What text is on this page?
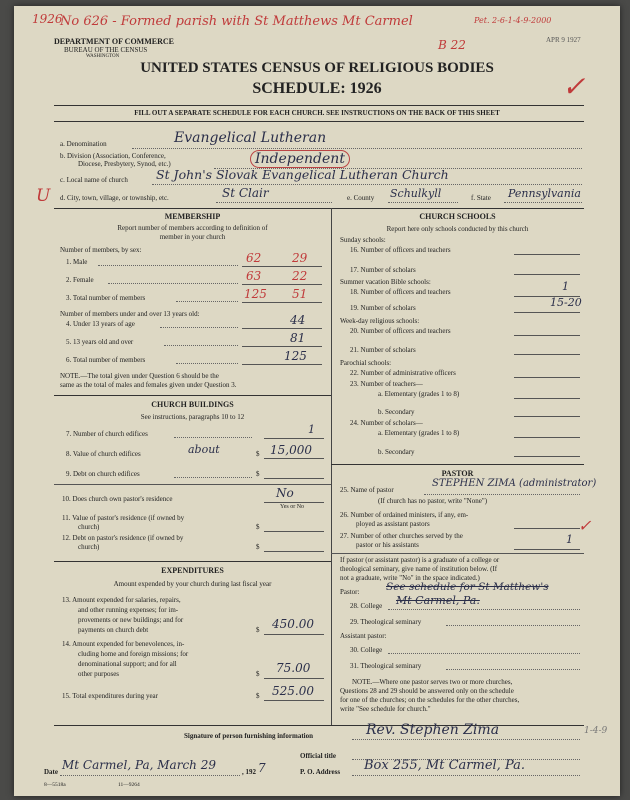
1926
No 626 - Formed parish with St Matthews Mt Carmel	Pet. 2-6-1-4-9-2000
B 22	APR 9 1927
DEPARTMENT OF COMMERCE
BUREAU OF THE CENSUS
WASHINGTON
UNITED STATES CENSUS OF RELIGIOUS BODIES
SCHEDULE: 1926	✓
FILL OUT A SEPARATE SCHEDULE FOR EACH CHURCH. SEE INSTRUCTIONS ON THE BACK OF THIS SHEET
a. Denomination	Evangelical Lutheran
b. Division (Association, Conference,
Diocese, Presbytery, Synod, etc.)	Independent
c. Local name of church St John's Slovak Evangelical Lutheran Church
U d. City, town, village, or township, etc.	St Clair	e. County Schulkyll	f. State Pennsylvania
MEMBERSHIP
Report number of members according to definition of
member in your church
Number of members, by sex:
1. Male	62	29
2. Female	63	22
3. Total number of members	125 51
Number of members under and over 13 years old:
4. Under 13 years of age	44
5. 13 years old and over	81
6. Total number of members	125
NOTE.—The total given under Question 6 should be the
same as the total of males and females given under Question 3.
CHURCH BUILDINGS
See instructions, paragraphs 10 to 12
7. Number of church edifices	1
8. Value of church edifices	about	$ 15,000
9. Debt on church edifices	$
10. Does church own pastor's residence	No
Yes or No
11. Value of pastor's residence (if owned by
church)	$
12. Debt on pastor's residence (if owned by
church)	$
EXPENDITURES
Amount expended by your church during last fiscal year
13. Amount expended for salaries, repairs,
and other running expenses; for im-
provements or new buildings; and for
payments on church debt	$ 450.00
14. Amount expended for benevolences, in-
cluding home and foreign missions; for
denominational support; and for all
other purposes	$ 75.00
15. Total expenditures during year	$ 525.00
CHURCH SCHOOLS
Report here only schools conducted by this church
Sunday schools:
16. Number of officers and teachers
17. Number of scholars
Summer vacation Bible schools:
18. Number of officers and teachers	1
19. Number of scholars	15-20
Week-day religious schools:
20. Number of officers and teachers
21. Number of scholars
Parochial schools:
22. Number of administrative officers
23. Number of teachers—
a. Elementary (grades 1 to 8)
b. Secondary
24. Number of scholars—
a. Elementary (grades 1 to 8)
b. Secondary
PASTOR
25. Name of pastor
STEPHEN ZIMA (administrator)
(If church has no pastor, write "None")
26. Number of ordained ministers, if any, em-
ployed as assistant pastors
27. Number of other churches served by the
pastor or his assistants	1
✓
If pastor (or assistant pastor) is a graduate of a college or
theological seminary, give name of institution below. (If
not a graduate, write "No" in the space indicated.)
Pastor:	See schedule for St Matthew's
28. College Mt Carmel, Pa.
29. Theological seminary
Assistant pastor:
30. College
31. Theological seminary
NOTE.—Where one pastor serves two or more churches,
Questions 28 and 29 should be answered only on the schedule
for one of the churches; on the schedules for the other churches,
write "See schedule for church."
Signature of person furnishing information	Rev. Stephen Zima	1-4-9
Official title
Date Mt Carmel, Pa, March 29	, 192 7	P. O. Address Box 255, Mt Carmel, Pa.
8—5518a	11—9264
